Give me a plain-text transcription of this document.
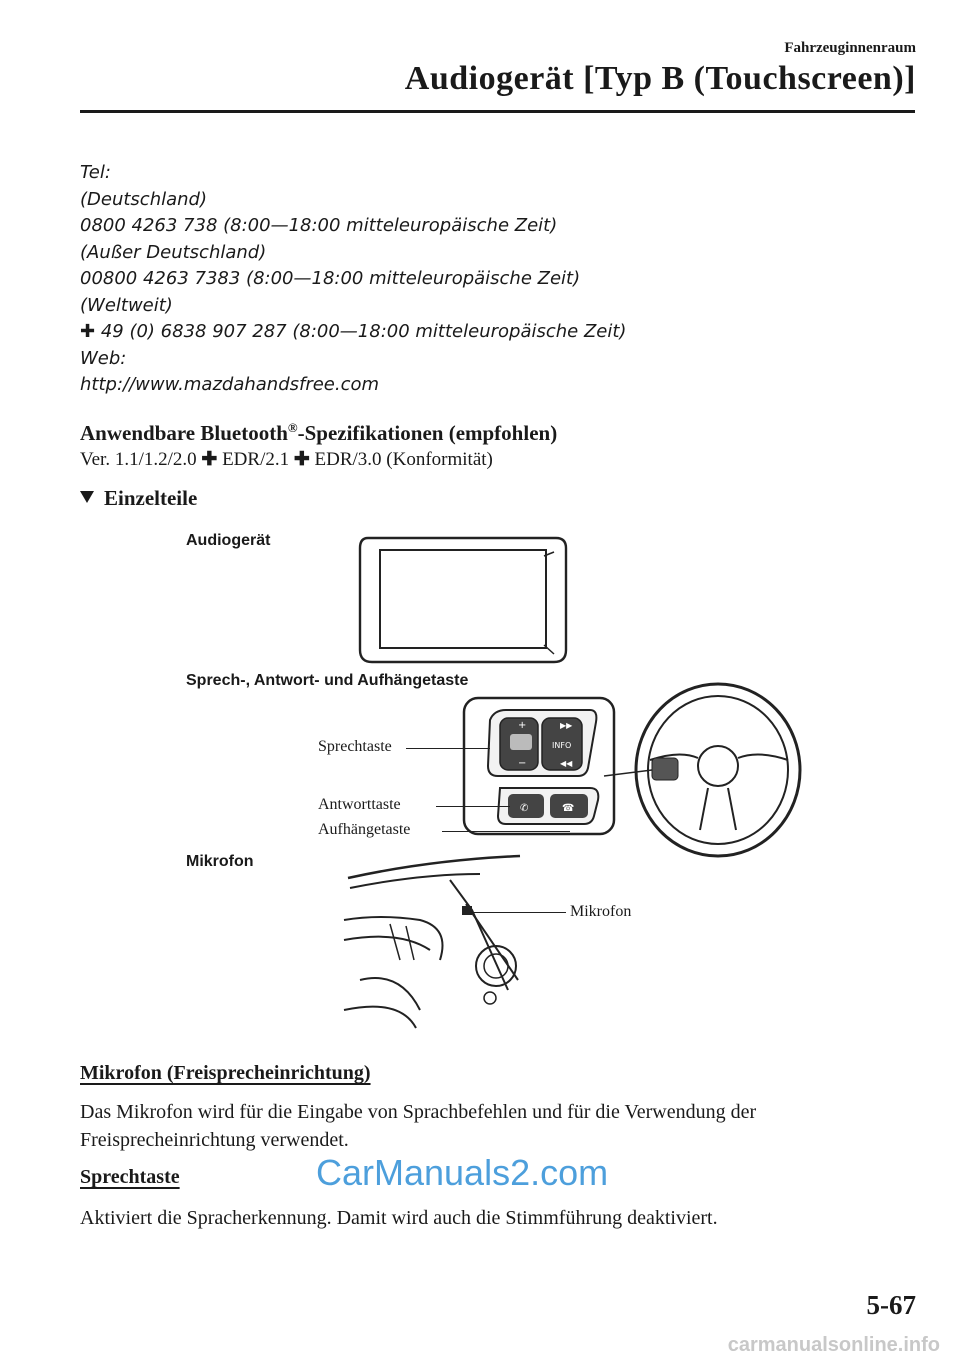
Fahrzeuginnenraum
Audiogerät [Typ B (Touchscreen)]
Tel:
(Deutschland)
0800 4263 738 (8:00—18:00 mitteleuropäische Zeit)
(Außer Deutschland)
00800 4263 7383 (8:00—18:00 mitteleuropäische Zeit)
(Weltweit)
✚ 49 (0) 6838 907 287 (8:00—18:00 mitteleuropäische Zeit)
Web:
http://www.mazdahandsfree.com
Anwendbare Bluetooth®-Spezifikationen (empfohlen)
Ver. 1.1/1.2/2.0 ✚ EDR/2.1 ✚ EDR/3.0 (Konformität)
Einzelteile
Audiogerät
Sprech-, Antwort- und Aufhängetaste
+
−
▶▶
INFO
◀◀
✆	☎
Sprechtaste
Antworttaste
Aufhängetaste
Mikrofon
Mikrofon
Mikrofon (Freisprecheinrichtung)
Das Mikrofon wird für die Eingabe von Sprachbefehlen und für die Verwendung der Freisprecheinrichtung verwendet.
Sprechtaste
Aktiviert die Spracherkennung. Damit wird auch die Stimmführung deaktiviert.
CarManuals2.com
5-67
carmanualsonline.info
